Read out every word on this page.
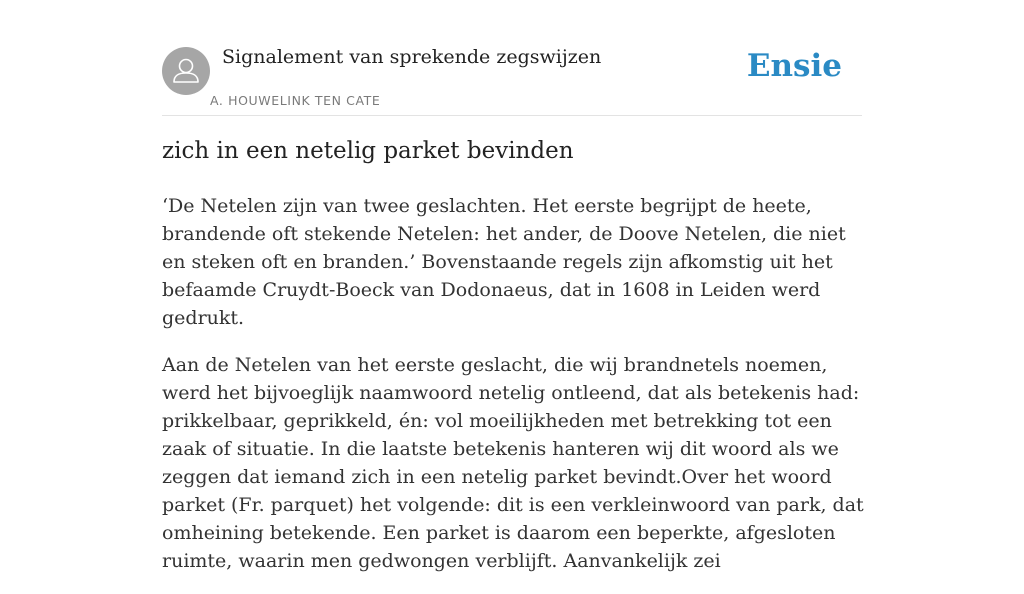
Signalement van sprekende zegswijzen
A. HOUWELINK TEN CATE
Ensie
zich in een netelig parket bevinden

‘De Netelen zijn van twee geslachten. Het eerste begrijpt de heete, brandende oft stekende Netelen: het ander, de Doove Netelen, die niet en steken oft en branden.’ Bovenstaande regels zijn afkomstig uit het befaamde Cruydt-Boeck van Dodonaeus, dat in 1608 in Leiden werd gedrukt.

Aan de Netelen van het eerste geslacht, die wij brandnetels noemen, werd het bijvoeglijk naamwoord netelig ontleend, dat als betekenis had: prikkelbaar, geprikkeld, én: vol moeilijkheden met betrekking tot een zaak of situatie. In die laatste betekenis hanteren wij dit woord als we zeggen dat iemand zich in een netelig parket bevindt.Over het woord parket (Fr. parquet) het volgende: dit is een verkleinwoord van park, dat omheining betekende. Een parket is daarom een beperkte, afgesloten ruimte, waarin men gedwongen verblijft. Aanvankelijk zei
